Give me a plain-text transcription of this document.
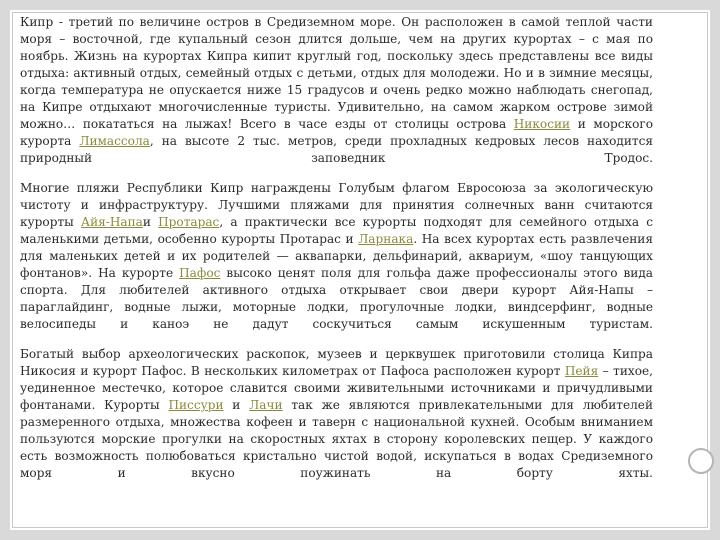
Кипр - третий по величине остров в Средиземном море. Он расположен в самой теплой части моря – восточной, где купальный сезон длится дольше, чем на других курортах – с мая по ноябрь. Жизнь на курортах Кипра кипит круглый год, поскольку здесь представлены все виды отдыха: активный отдых, семейный отдых с детьми, отдых для молодежи. Но и в зимние месяцы, когда температура не опускается ниже 15 градусов и очень редко можно наблюдать снегопад, на Кипре отдыхают многочисленные туристы. Удивительно, на самом жарком острове зимой можно… покататься на лыжах! Всего в часе езды от столицы острова Никосии и морского курорта Лимассола, на высоте 2 тыс. метров, среди прохладных кедровых лесов находится природный заповедник Тродос.

Многие пляжи Республики Кипр награждены Голубым флагом Евросоюза за экологическую чистоту и инфраструктуру. Лучшими пляжами для принятия солнечных ванн считаются курорты Айя-Напаи Протарас, а практически все курорты подходят для семейного отдыха с маленькими детьми, особенно курорты Протарас и Ларнака. На всех курортах есть развлечения для маленьких детей и их родителей — аквапарки, дельфинарий, аквариум, «шоу танцующих фонтанов». На курорте Пафос высоко ценят поля для гольфа даже профессионалы этого вида спорта. Для любителей активного отдыха открывает свои двери курорт Айя-Напы – параглайдинг, водные лыжи, моторные лодки, прогулочные лодки, виндсерфинг, водные велосипеды и каноэ не дадут соскучиться самым искушенным туристам.

Богатый выбор археологических раскопок, музеев и церквушек приготовили столица Кипра Никосия и курорт Пафос. В нескольких километрах от Пафоса расположен курорт Пейя – тихое, уединенное местечко, которое славится своими живительными источниками и причудливыми фонтанами. Курорты Писсури и Лачи так же являются привлекательными для любителей размеренного отдыха, множества кофеен и таверн с национальной кухней. Особым вниманием пользуются морские прогулки на скоростных яхтах в сторону королевских пещер. У каждого есть возможность полюбоваться кристально чистой водой, искупаться в водах Средиземного моря и вкусно поужинать на борту яхты.
